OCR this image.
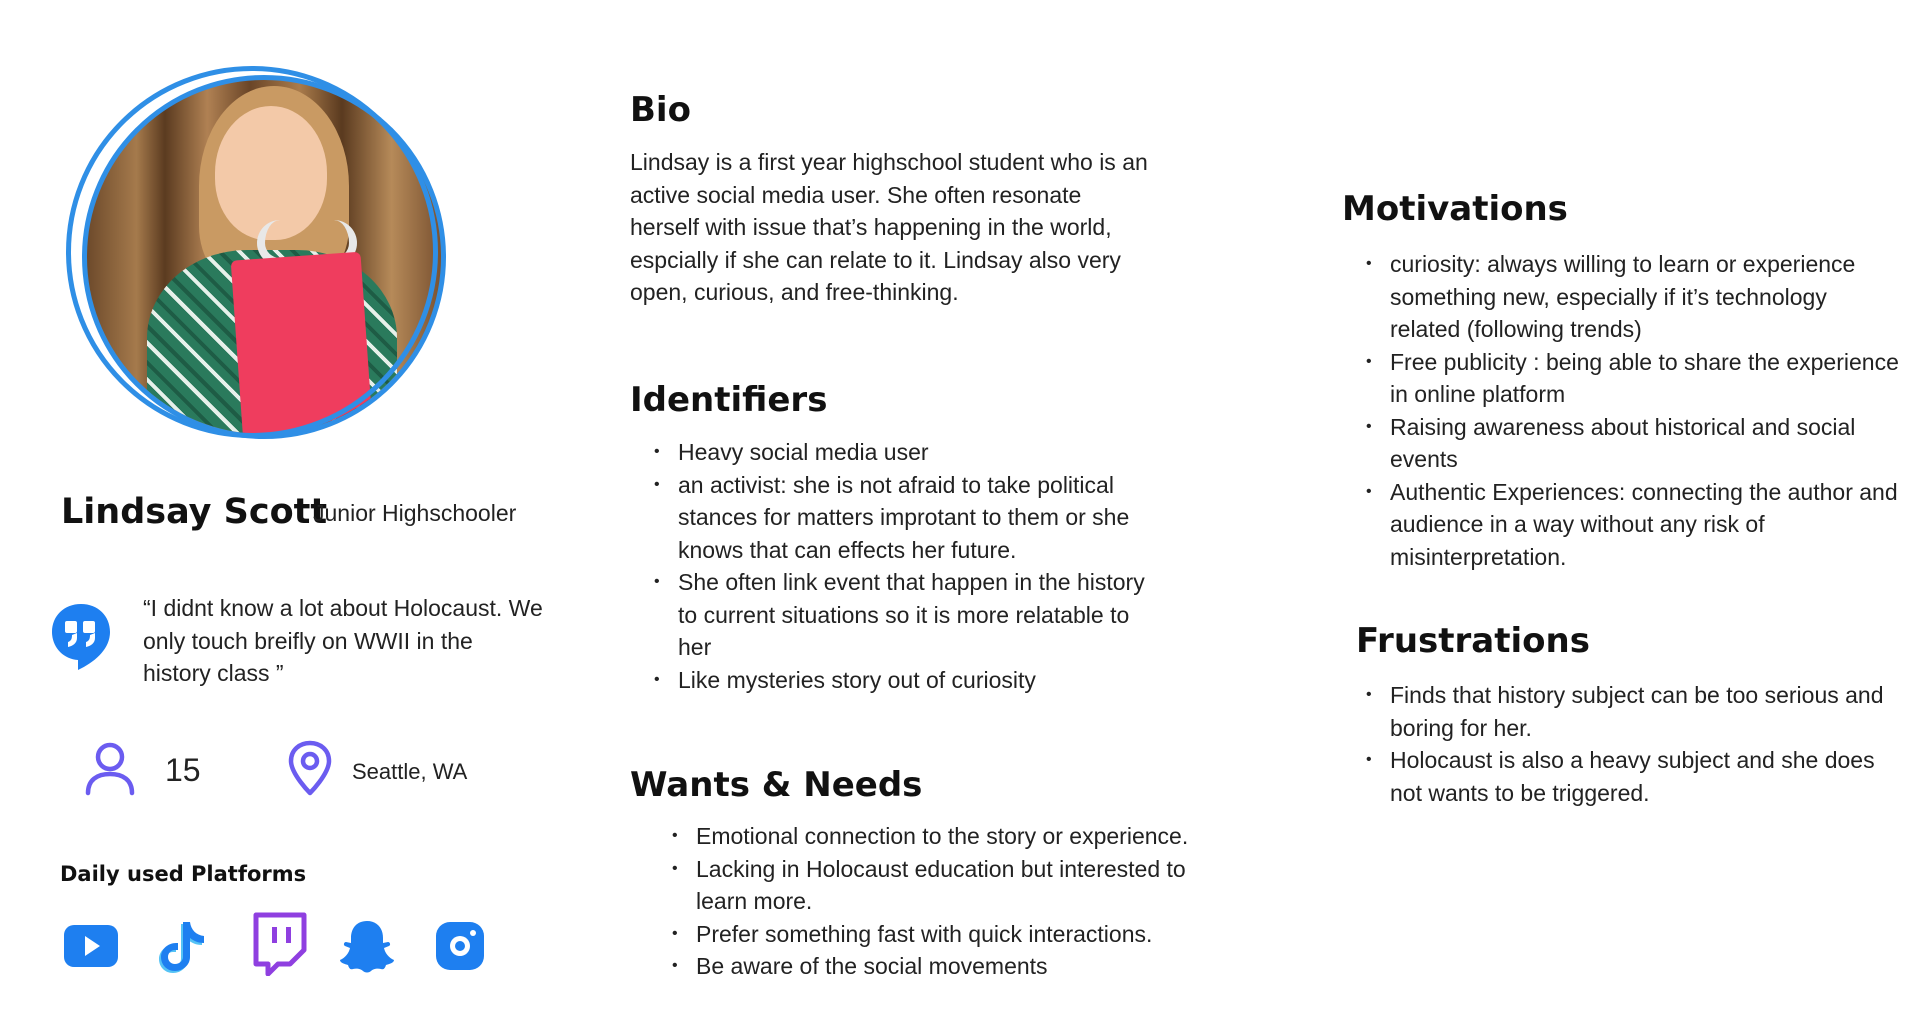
Lindsay Scott
Junior Highschooler
“I didnt know a lot about Holocaust. We only touch breifly on WWII in the history class ”
15	Seattle, WA
Daily used Platforms
Bio
Lindsay is a first year highschool student who is an active social media user. She often resonate herself with issue that’s happening in the world, espcially if she can relate to it. Lindsay also very open, curious, and free-thinking.
Identifiers
• Heavy social media user
• an activist: she is not afraid to take political stances for matters improtant to them or she knows that can effects her future.
• She often link event that happen in the history to current situations so it is more relatable to her
• Like mysteries story out of curiosity
Wants & Needs
• Emotional connection to the story or experience.
• Lacking in Holocaust education but interested to learn more.
• Prefer something fast with quick interactions.
• Be aware of the social movements
Motivations
• curiosity: always willing to learn or experience something new, especially if it’s technology related (following trends)
• Free publicity : being able to share the experience in online platform
• Raising awareness about historical and social events
• Authentic Experiences: connecting the author and audience in a way without any risk of misinterpretation.
Frustrations
• Finds that history subject can be too serious and boring for her.
• Holocaust is also a heavy subject and she does not wants to be triggered.
